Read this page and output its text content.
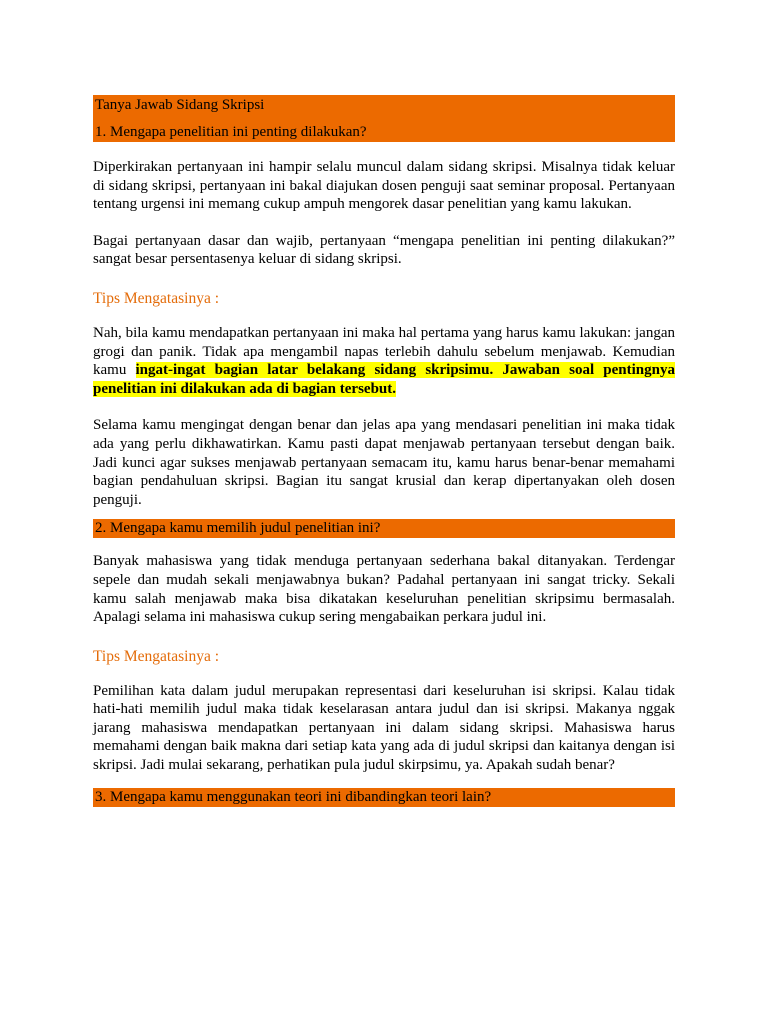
Tanya Jawab Sidang Skripsi
1. Mengapa penelitian ini penting dilakukan?

Diperkirakan pertanyaan ini hampir selalu muncul dalam sidang skripsi. Misalnya tidak keluar di sidang skripsi, pertanyaan ini bakal diajukan dosen penguji saat seminar proposal. Pertanyaan tentang urgensi ini memang cukup ampuh mengorek dasar penelitian yang kamu lakukan.

Bagai pertanyaan dasar dan wajib, pertanyaan “mengapa penelitian ini penting dilakukan?” sangat besar persentasenya keluar di sidang skripsi.

Tips Mengatasinya :

Nah, bila kamu mendapatkan pertanyaan ini maka hal pertama yang harus kamu lakukan: jangan grogi dan panik. Tidak apa mengambil napas terlebih dahulu sebelum menjawab. Kemudian kamu ingat-ingat bagian latar belakang sidang skripsimu. Jawaban soal pentingnya penelitian ini dilakukan ada di bagian tersebut.

Selama kamu mengingat dengan benar dan jelas apa yang mendasari penelitian ini maka tidak ada yang perlu dikhawatirkan. Kamu pasti dapat menjawab pertanyaan tersebut dengan baik. Jadi kunci agar sukses menjawab pertanyaan semacam itu, kamu harus benar-benar memahami bagian pendahuluan skripsi. Bagian itu sangat krusial dan kerap dipertanyakan oleh dosen penguji.

2. Mengapa kamu memilih judul penelitian ini?

Banyak mahasiswa yang tidak menduga pertanyaan sederhana bakal ditanyakan. Terdengar sepele dan mudah sekali menjawabnya bukan? Padahal pertanyaan ini sangat tricky. Sekali kamu salah menjawab maka bisa dikatakan keseluruhan penelitian skripsimu bermasalah. Apalagi selama ini mahasiswa cukup sering mengabaikan perkara judul ini.

Tips Mengatasinya :

Pemilihan kata dalam judul merupakan representasi dari keseluruhan isi skripsi. Kalau tidak hati-hati memilih judul maka tidak keselarasan antara judul dan isi skripsi. Makanya nggak jarang mahasiswa mendapatkan pertanyaan ini dalam sidang skripsi. Mahasiswa harus memahami dengan baik makna dari setiap kata yang ada di judul skripsi dan kaitanya dengan isi skripsi. Jadi mulai sekarang, perhatikan pula judul skirpsimu, ya. Apakah sudah benar?

3. Mengapa kamu menggunakan teori ini dibandingkan teori lain?
